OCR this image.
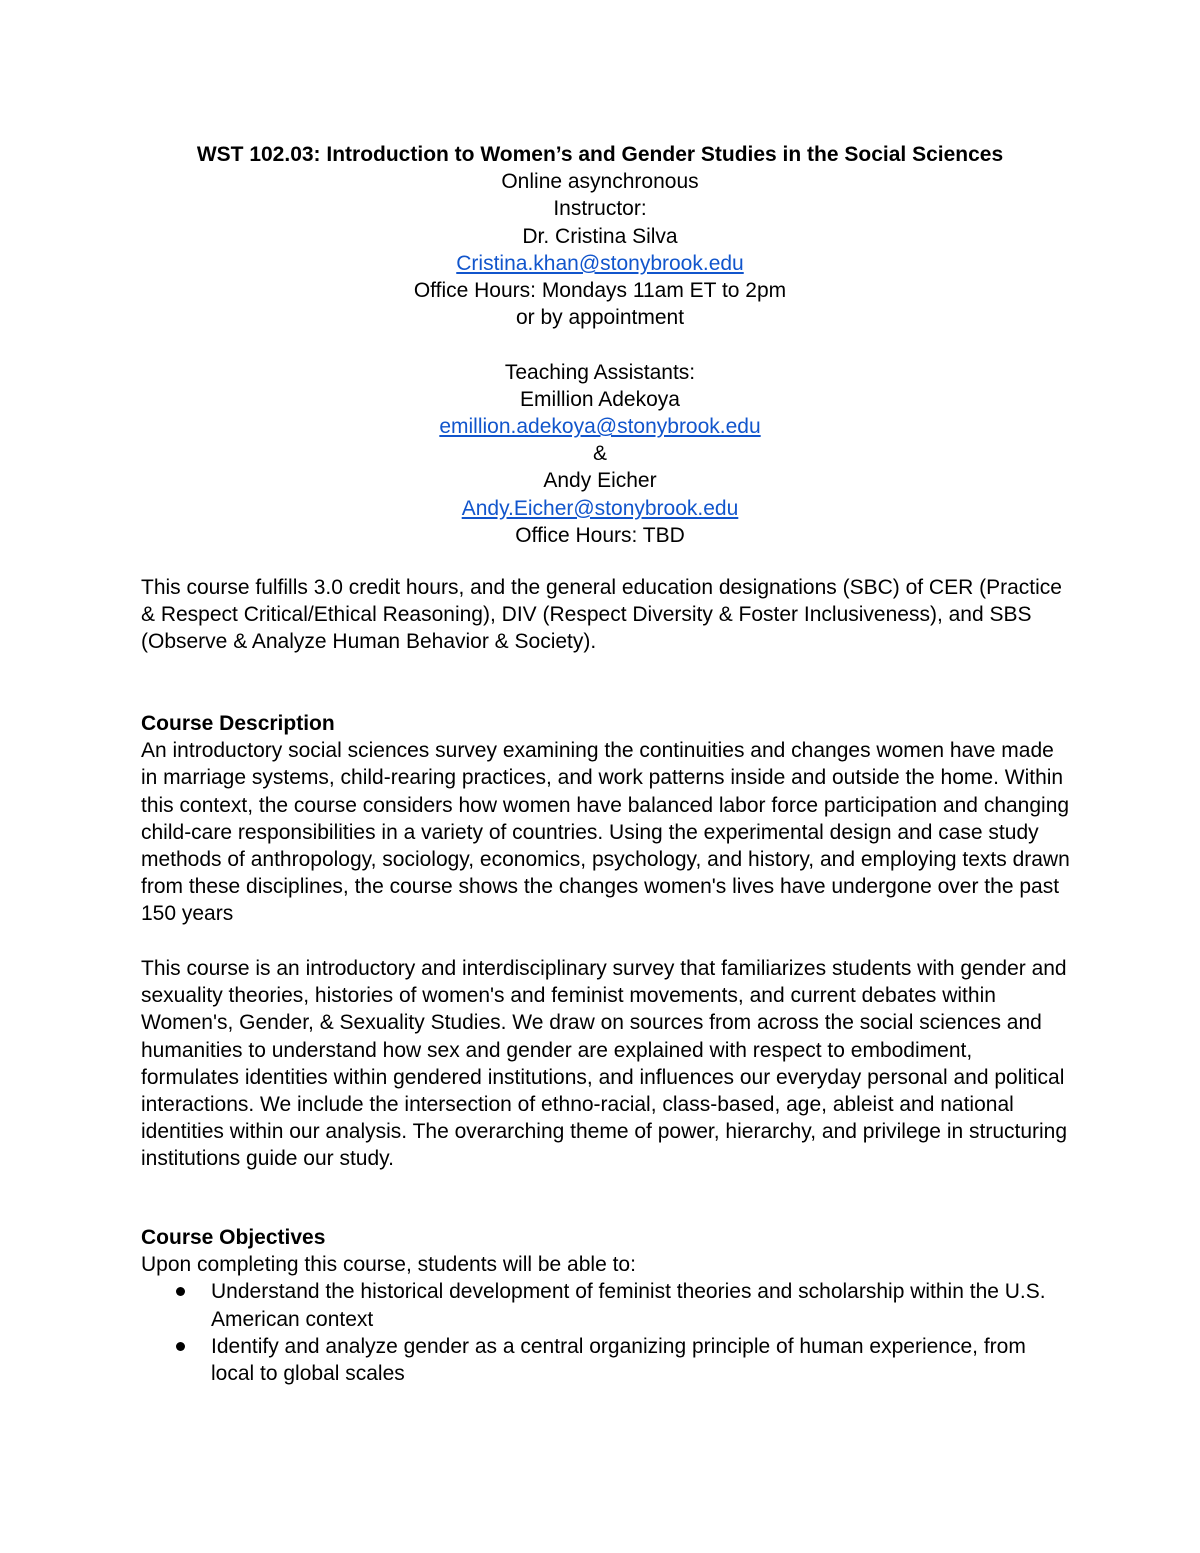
WST 102.03: Introduction to Women’s and Gender Studies in the Social Sciences
Online asynchronous
Instructor:
Dr. Cristina Silva
Cristina.khan@stonybrook.edu
Office Hours: Mondays 11am ET to 2pm
or by appointment
Teaching Assistants:
Emillion Adekoya
emillion.adekoya@stonybrook.edu
&
Andy Eicher
Andy.Eicher@stonybrook.edu
Office Hours: TBD

This course fulfills 3.0 credit hours, and the general education designations (SBC) of CER (Practice & Respect Critical/Ethical Reasoning), DIV (Respect Diversity & Foster Inclusiveness), and SBS (Observe & Analyze Human Behavior & Society).

Course Description

An introductory social sciences survey examining the continuities and changes women have made in marriage systems, child-rearing practices, and work patterns inside and outside the home. Within this context, the course considers how women have balanced labor force participation and changing child-care responsibilities in a variety of countries. Using the experimental design and case study methods of anthropology, sociology, economics, psychology, and history, and employing texts drawn from these disciplines, the course shows the changes women's lives have undergone over the past 150 years

This course is an introductory and interdisciplinary survey that familiarizes students with gender and sexuality theories, histories of women's and feminist movements, and current debates within Women's, Gender, & Sexuality Studies. We draw on sources from across the social sciences and humanities to understand how sex and gender are explained with respect to embodiment, formulates identities within gendered institutions, and influences our everyday personal and political interactions. We include the intersection of ethno-racial, class-based, age, ableist and national identities within our analysis. The overarching theme of power, hierarchy, and privilege in structuring institutions guide our study.

Course Objectives

Upon completing this course, students will be able to:

Understand the historical development of feminist theories and scholarship within the U.S. American context
Identify and analyze gender as a central organizing principle of human experience, from local to global scales
